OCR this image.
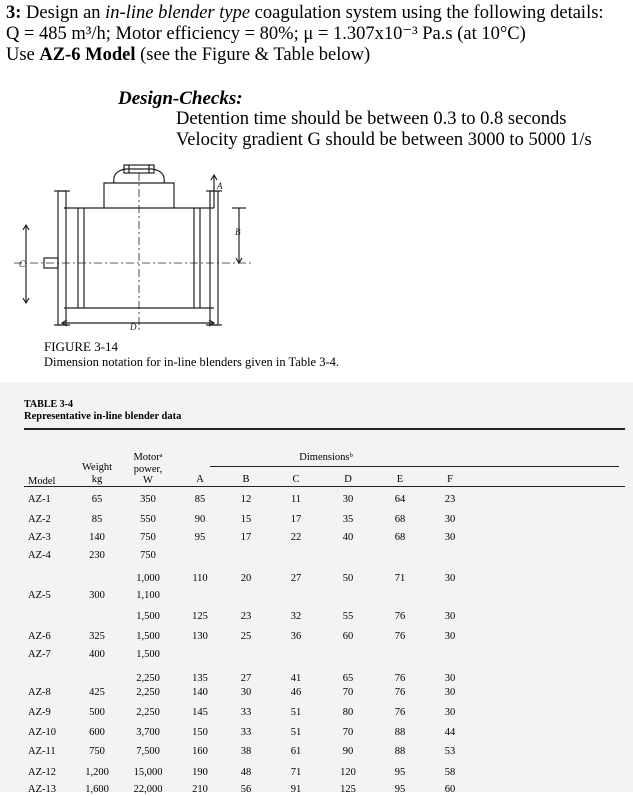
3: Design an in-line blender type coagulation system using the following details:
Q = 485 m³/h; Motor efficiency = 80%; μ = 1.307x10⁻³ Pa.s (at 10°C)
Use AZ-6 Model (see the Figure & Table below)
Design-Checks:
Detention time should be between 0.3 to 0.8 seconds
Velocity gradient G should be between 3000 to 5000 1/s
C
A
B
D
FIGURE 3-14
Dimension notation for in-line blenders given in Table 3-4.
TABLE 3-4
Representative in-line blender data
Model
Weight
kg
Motorᵃ
power,
W
Dimensionsᵇ
A	B	C	D	E	F
AZ-1	65	350	85	12	11	30	64	23
AZ-2	85	550	90	15	17	35	68	30
AZ-3	140	750	95	17	22	40	68	30
AZ-4	230	750
1,000	110	20	27	50	71	30
AZ-5	300	1,100
1,500	125	23	32	55	76	30
AZ-6	325	1,500	130	25	36	60	76	30
AZ-7	400	1,500
2,250	135	27	41	65	76	30
AZ-8	425	2,250	140	30	46	70	76	30
AZ-9	500	2,250	145	33	51	80	76	30
AZ-10	600	3,700	150	33	51	70	88	44
AZ-11	750	7,500	160	38	61	90	88	53
AZ-12	1,200 15,000	190	48	71	120	95	58
AZ-13	1,600 22,000	210	56	91	125	95	60
